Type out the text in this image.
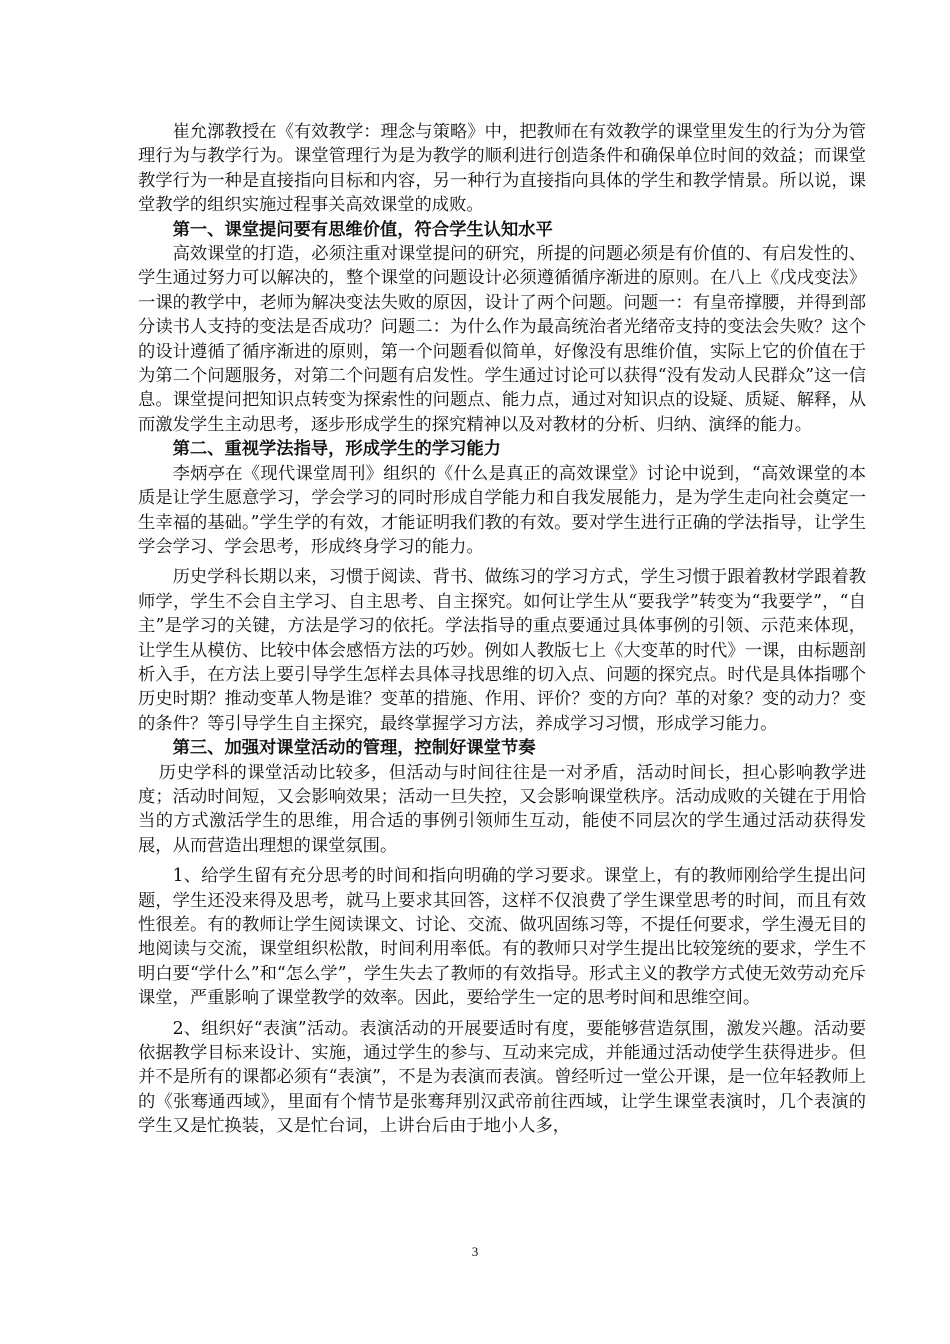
崔允漷教授在《有效教学：理念与策略》中，把教师在有效教学的课堂里发生的行为分为管理行为与教学行为。课堂管理行为是为教学的顺利进行创造条件和确保单位时间的效益；而课堂教学行为一种是直接指向目标和内容，另一种行为直接指向具体的学生和教学情景。所以说，课堂教学的组织实施过程事关高效课堂的成败。

第一、课堂提问要有思维价值，符合学生认知水平

高效课堂的打造，必须注重对课堂提问的研究，所提的问题必须是有价值的、有启发性的、学生通过努力可以解决的，整个课堂的问题设计必须遵循循序渐进的原则。在八上《戊戌变法》一课的教学中，老师为解决变法失败的原因，设计了两个问题。问题一：有皇帝撑腰，并得到部分读书人支持的变法是否成功？问题二：为什么作为最高统治者光绪帝支持的变法会失败？这个的设计遵循了循序渐进的原则，第一个问题看似简单，好像没有思维价值，实际上它的价值在于为第二个问题服务，对第二个问题有启发性。学生通过讨论可以获得“没有发动人民群众”这一信息。课堂提问把知识点转变为探索性的问题点、能力点，通过对知识点的设疑、质疑、解释，从而激发学生主动思考，逐步形成学生的探究精神以及对教材的分析、归纳、演绎的能力。

第二、重视学法指导，形成学生的学习能力

李炳亭在《现代课堂周刊》组织的《什么是真正的高效课堂》讨论中说到，“高效课堂的本质是让学生愿意学习，学会学习的同时形成自学能力和自我发展能力，是为学生走向社会奠定一生幸福的基础。”学生学的有效，才能证明我们教的有效。要对学生进行正确的学法指导，让学生学会学习、学会思考，形成终身学习的能力。

历史学科长期以来，习惯于阅读、背书、做练习的学习方式，学生习惯于跟着教材学跟着教师学，学生不会自主学习、自主思考、自主探究。如何让学生从“要我学”转变为“我要学”，“自主”是学习的关键，方法是学习的依托。学法指导的重点要通过具体事例的引领、示范来体现，让学生从模仿、比较中体会感悟方法的巧妙。例如人教版七上《大变革的时代》一课，由标题剖析入手，在方法上要引导学生怎样去具体寻找思维的切入点、问题的探究点。时代是具体指哪个历史时期？推动变革人物是谁？变革的措施、作用、评价？变的方向？革的对象？变的动力？变的条件？等引导学生自主探究，最终掌握学习方法，养成学习习惯，形成学习能力。

第三、加强对课堂活动的管理，控制好课堂节奏

历史学科的课堂活动比较多，但活动与时间往往是一对矛盾，活动时间长，担心影响教学进度；活动时间短，又会影响效果；活动一旦失控，又会影响课堂秩序。活动成败的关键在于用恰当的方式激活学生的思维，用合适的事例引领师生互动，能使不同层次的学生通过活动获得发展，从而营造出理想的课堂氛围。

1、给学生留有充分思考的时间和指向明确的学习要求。课堂上，有的教师刚给学生提出问题，学生还没来得及思考，就马上要求其回答，这样不仅浪费了学生课堂思考的时间，而且有效性很差。有的教师让学生阅读课文、讨论、交流、做巩固练习等，不提任何要求，学生漫无目的地阅读与交流，课堂组织松散，时间利用率低。有的教师只对学生提出比较笼统的要求，学生不明白要“学什么”和“怎么学”，学生失去了教师的有效指导。形式主义的教学方式使无效劳动充斥课堂，严重影响了课堂教学的效率。因此，要给学生一定的思考时间和思维空间。

2、组织好“表演”活动。表演活动的开展要适时有度，要能够营造氛围，激发兴趣。活动要依据教学目标来设计、实施，通过学生的参与、互动来完成，并能通过活动使学生获得进步。但并不是所有的课都必须有“表演”，不是为表演而表演。曾经听过一堂公开课，是一位年轻教师上的《张骞通西域》，里面有个情节是张骞拜别汉武帝前往西域，让学生课堂表演时，几个表演的学生又是忙换装，又是忙台词，上讲台后由于地小人多，

3
